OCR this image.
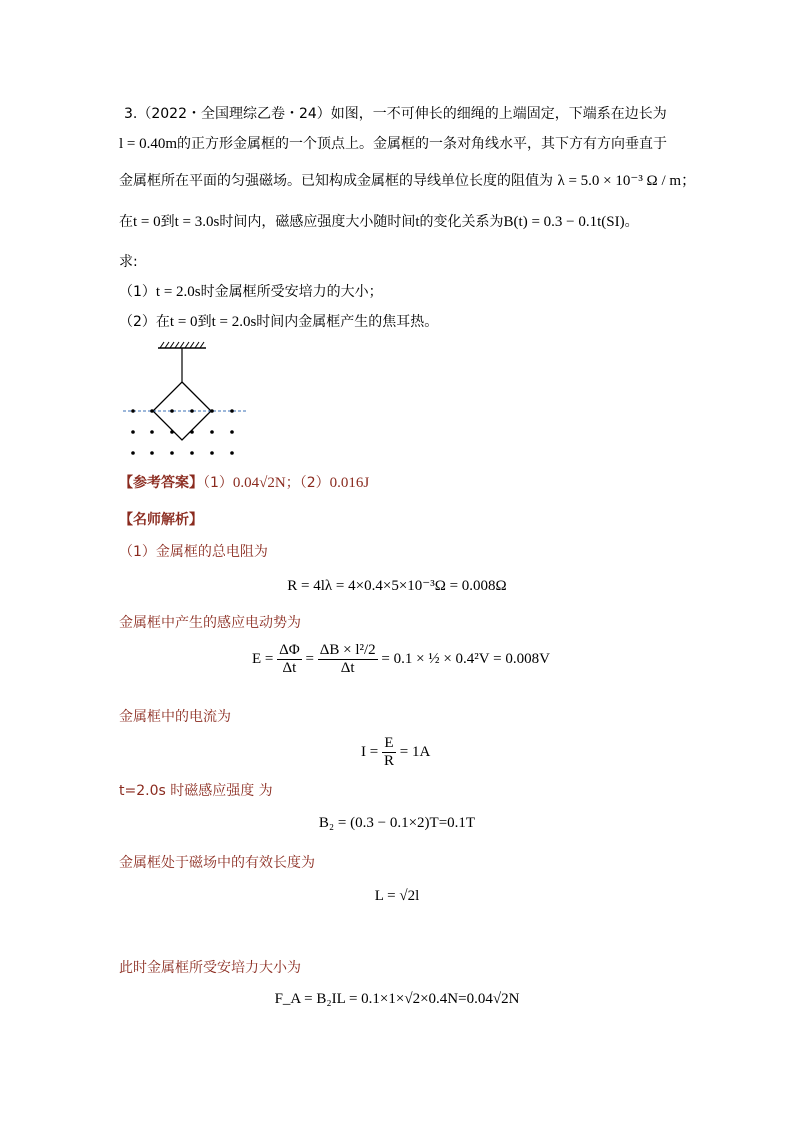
3.（2022・全国理综乙卷・24）如图，一不可伸长的细绳的上端固定，下端系在边长为
l = 0.40m的正方形金属框的一个顶点上。金属框的一条对角线水平，其下方有方向垂直于
金属框所在平面的匀强磁场。已知构成金属框的导线单位长度的阻值为 λ = 5.0 × 10⁻³ Ω / m；
在t = 0到t = 3.0s时间内，磁感应强度大小随时间t的变化关系为B(t) = 0.3 − 0.1t(SI)。
求:
（1）t = 2.0s时金属框所受安培力的大小；
（2）在t = 0到t = 2.0s时间内金属框产生的焦耳热。
【参考答案】（1）0.04√2N；（2）0.016J
【名师解析】
（1）金属框的总电阻为
R = 4lλ = 4×0.4×5×10⁻³Ω = 0.008Ω
金属框中产生的感应电动势为
$E = \frac{\Delta\Phi}{\Delta t} = \frac{\text{ΔB × l²/2}}{\Delta t} = 0.1$ × ½ × 0.4²V = 0.008V
金属框中的电流为
$I = \frac{E}{R} = 1A$
t=2.0s 时磁感应强度 为
B₂ = (0.3 − 0.1×2)T=0.1T
金属框处于磁场中的有效长度为
L = √2l
此时金属框所受安培力大小为
F_A = B₂IL = 0.1×1×√2×0.4N=0.04√2N
